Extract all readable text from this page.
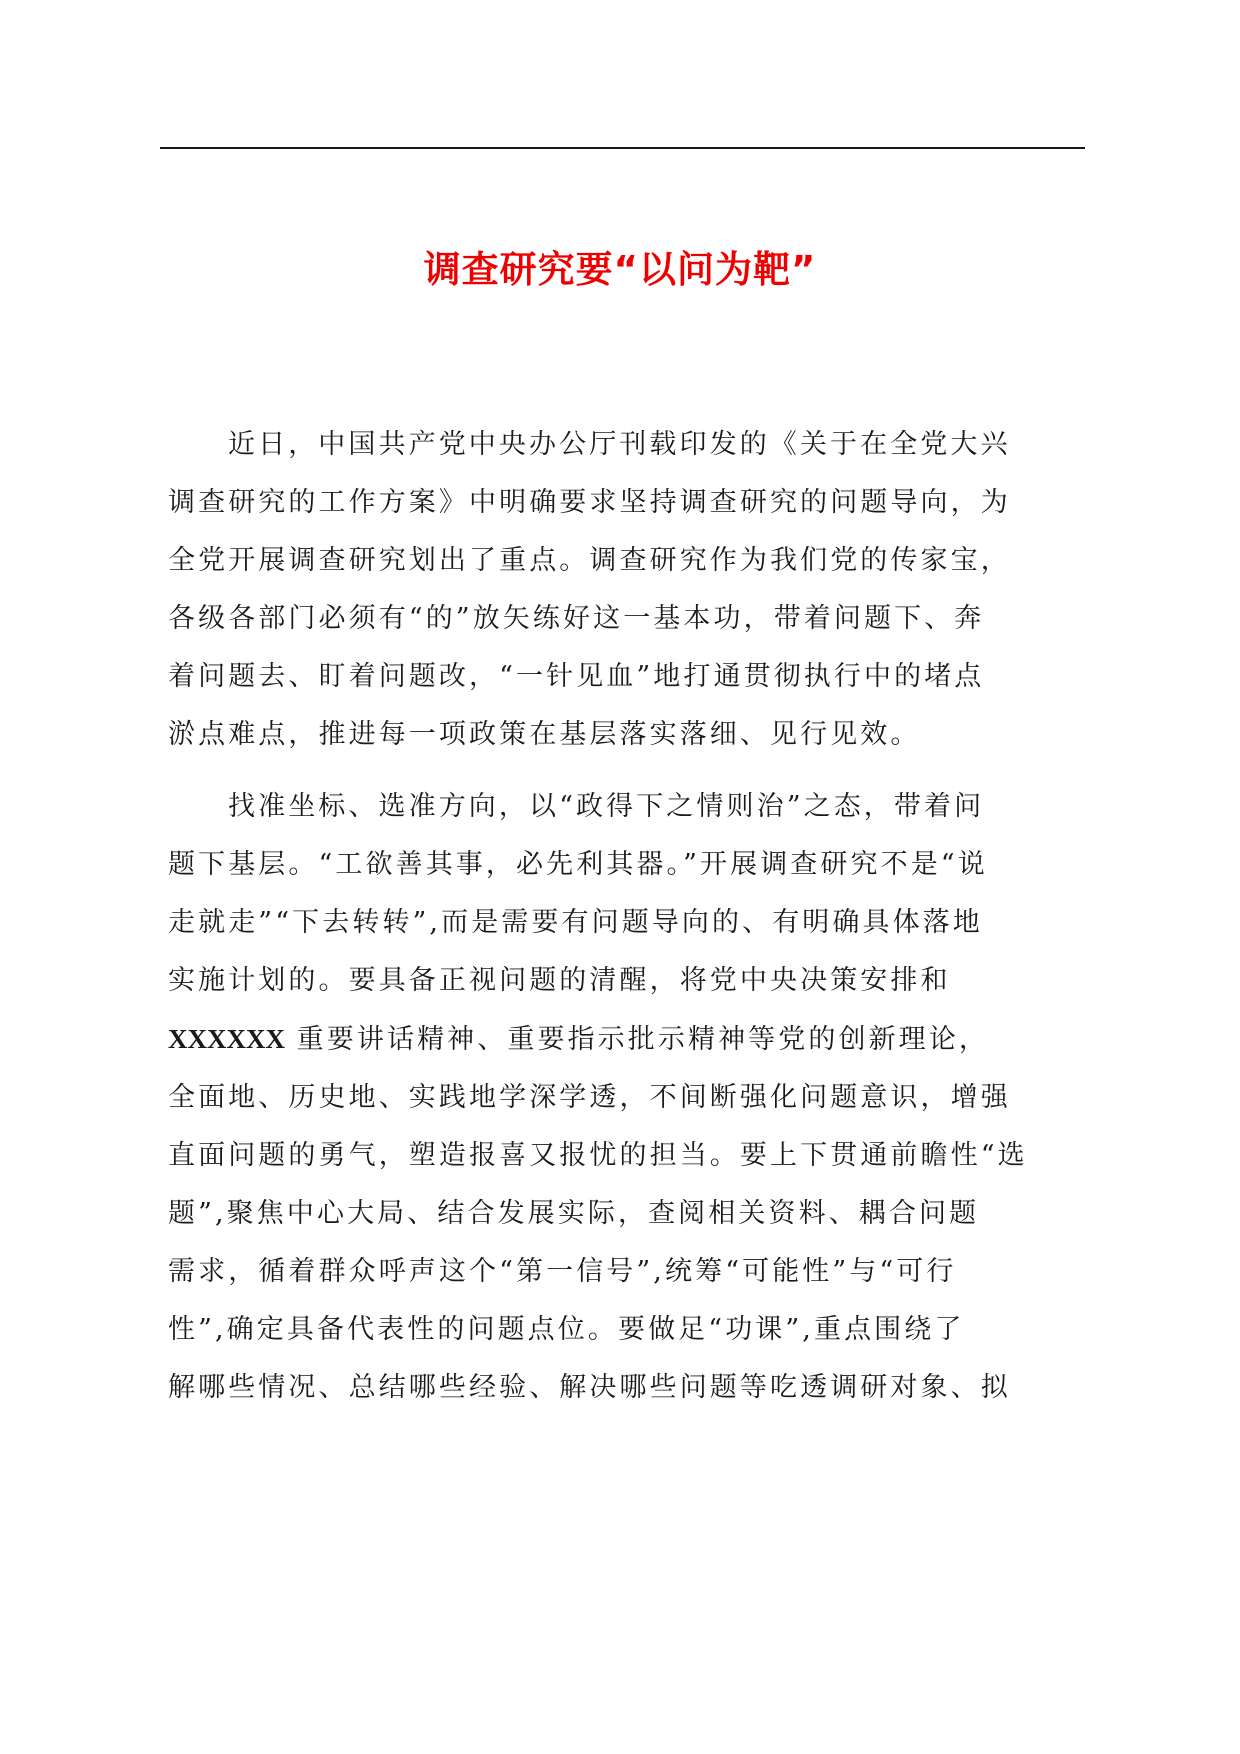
调查研究要“以问为靶”

近日，中国共产党中央办公厅刊载印发的《关于在全党大兴
调查研究的工作方案》中明确要求坚持调查研究的问题导向，为
全党开展调查研究划出了重点。调查研究作为我们党的传家宝，
各级各部门必须有“的”放矢练好这一基本功，带着问题下、奔
着问题去、盯着问题改，“一针见血”地打通贯彻执行中的堵点
淤点难点，推进每一项政策在基层落实落细、见行见效。

找准坐标、选准方向，以“政得下之情则治”之态，带着问
题下基层。“工欲善其事，必先利其器。”开展调查研究不是“说
走就走”“下去转转”,而是需要有问题导向的、有明确具体落地
实施计划的。要具备正视问题的清醒，将党中央决策安排和
XXXXXX 重要讲话精神、重要指示批示精神等党的创新理论，
全面地、历史地、实践地学深学透，不间断强化问题意识，增强
直面问题的勇气，塑造报喜又报忧的担当。要上下贯通前瞻性“选
题”,聚焦中心大局、结合发展实际，查阅相关资料、耦合问题
需求，循着群众呼声这个“第一信号”,统筹“可能性”与“可行
性”,确定具备代表性的问题点位。要做足“功课”,重点围绕了
解哪些情况、总结哪些经验、解决哪些问题等吃透调研对象、拟
